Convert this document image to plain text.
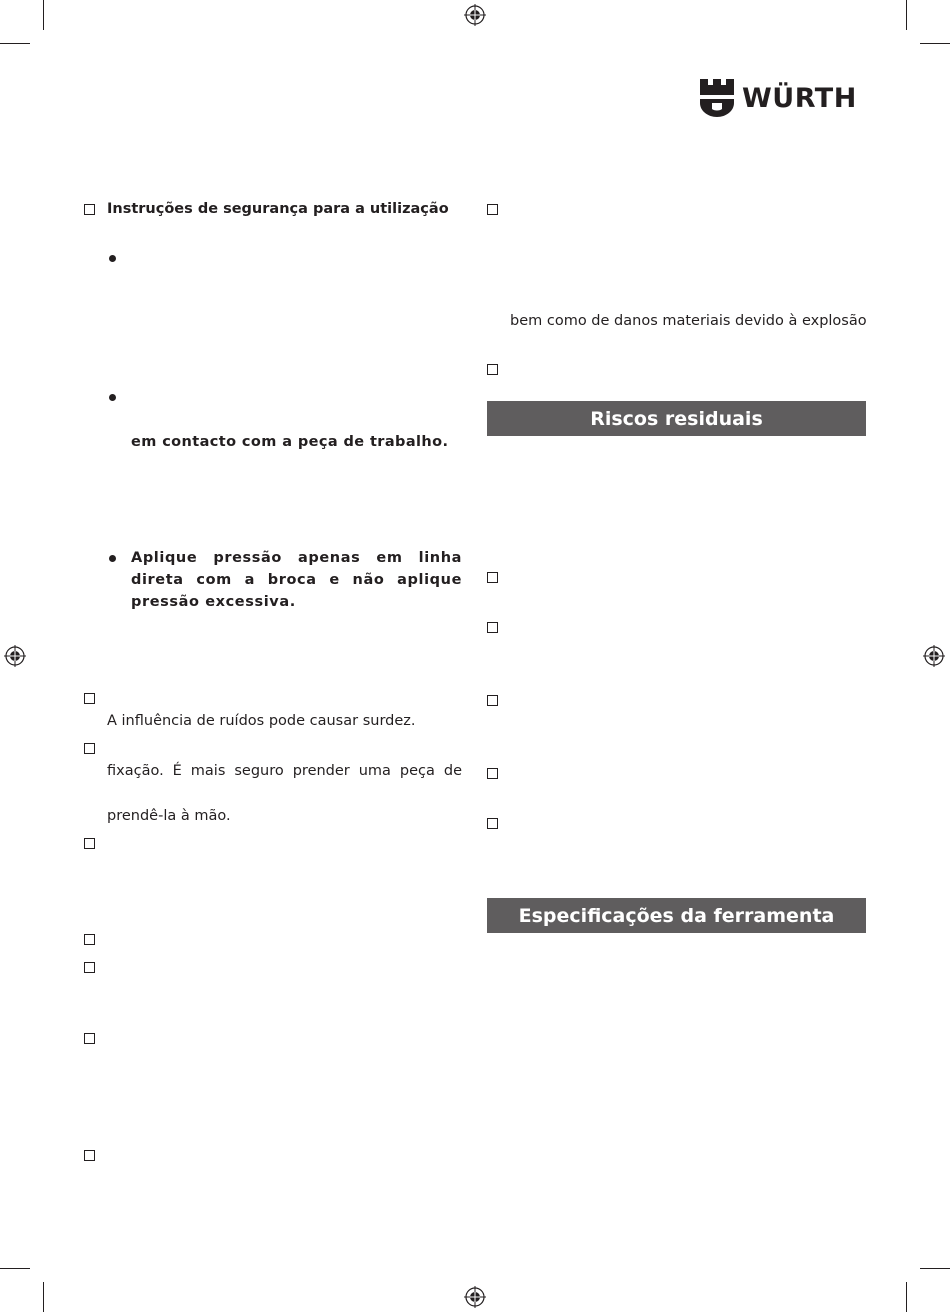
WÜRTH
Instruções de segurança para a utilização
em contacto com a peça de trabalho.
Aplique pressão apenas em linha
direta com a broca e não aplique
pressão excessiva.
A influência de ruídos pode causar surdez.
fixação. É mais seguro prender uma peça de
prendê-la à mão.
bem como de danos materiais devido à explosão
Riscos residuais
Especificações da ferramenta
